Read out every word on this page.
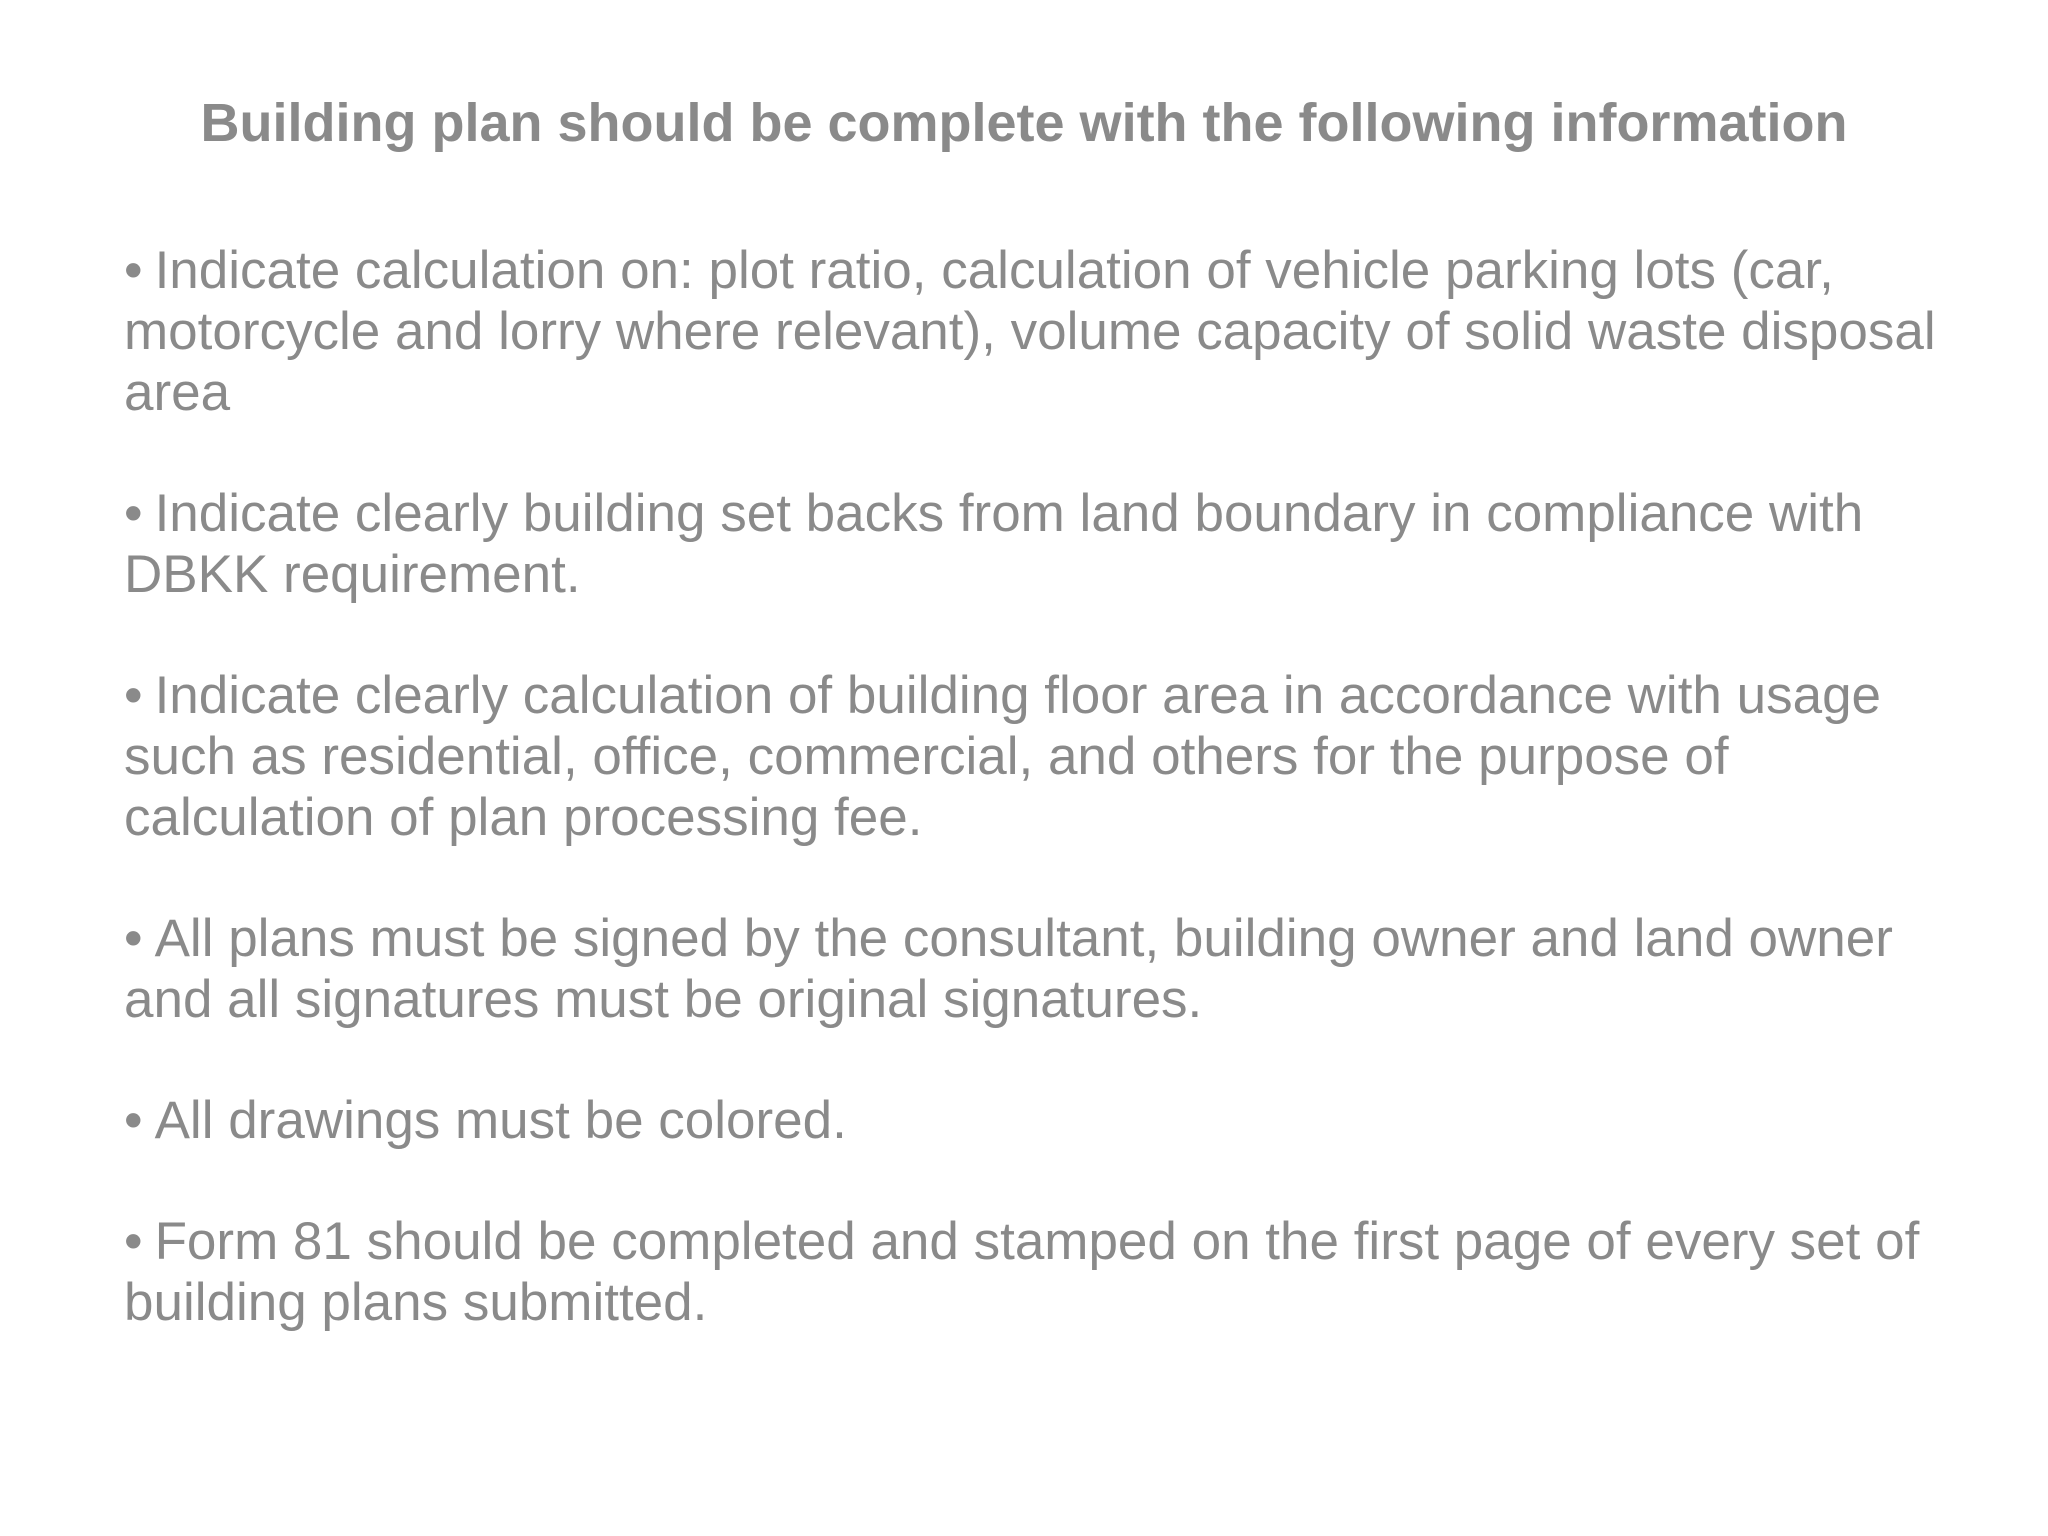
Building plan should be complete with the following information
• Indicate calculation on: plot ratio, calculation of vehicle parking lots (car, motorcycle and lorry where relevant), volume capacity of solid waste disposal area
• Indicate clearly building set backs from land boundary in compliance with DBKK requirement.
• Indicate clearly calculation of building floor area in accordance with usage such as residential, office, commercial, and others for the purpose of calculation of plan processing fee.
• All plans must be signed by the consultant, building owner and land owner and all signatures must be original signatures.
• All drawings must be colored.
• Form 81 should be completed and stamped on the first page of every set of building plans submitted.
